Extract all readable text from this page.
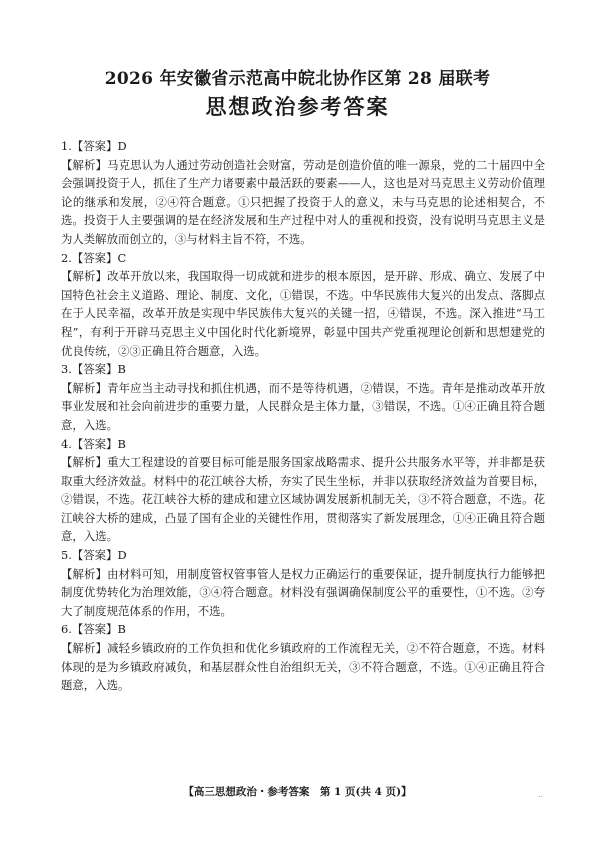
2026 年安徽省示范高中皖北协作区第 28 届联考
思想政治参考答案

1.【答案】D

【解析】马克思认为人通过劳动创造社会财富，劳动是创造价值的唯一源泉，党的二十届四中全会强调投资于人，抓住了生产力诸要素中最活跃的要素——人，这也是对马克思主义劳动价值理论的继承和发展，②④符合题意。①只把握了投资于人的意义，未与马克思的论述相契合，不选。投资于人主要强调的是在经济发展和生产过程中对人的重视和投资，没有说明马克思主义是为人类解放而创立的，③与材料主旨不符，不选。

2.【答案】C

【解析】改革开放以来，我国取得一切成就和进步的根本原因，是开辟、形成、确立、发展了中国特色社会主义道路、理论、制度、文化，①错误，不选。中华民族伟大复兴的出发点、落脚点在于人民幸福，改革开放是实现中华民族伟大复兴的关键一招，④错误，不选。深入推进“马工程”，有利于开辟马克思主义中国化时代化新境界，彰显中国共产党重视理论创新和思想建党的优良传统，②③正确且符合题意，入选。

3.【答案】B

【解析】青年应当主动寻找和抓住机遇，而不是等待机遇，②错误，不选。青年是推动改革开放事业发展和社会向前进步的重要力量，人民群众是主体力量，③错误，不选。①④正确且符合题意，入选。

4.【答案】B

【解析】重大工程建设的首要目标可能是服务国家战略需求、提升公共服务水平等，并非都是获取重大经济效益。材料中的花江峡谷大桥，夯实了民生坐标，并非以获取经济效益为首要目标，②错误，不选。花江峡谷大桥的建成和建立区域协调发展新机制无关，③不符合题意，不选。花江峡谷大桥的建成，凸显了国有企业的关键性作用，贯彻落实了新发展理念，①④正确且符合题意，入选。

5.【答案】D

【解析】由材料可知，用制度管权管事管人是权力正确运行的重要保证，提升制度执行力能够把制度优势转化为治理效能，③④符合题意。材料没有强调确保制度公平的重要性，①不选。②夸大了制度规范体系的作用，不选。

6.【答案】B

【解析】减轻乡镇政府的工作负担和优化乡镇政府的工作流程无关，②不符合题意，不选。材料体现的是为乡镇政府减负，和基层群众性自治组织无关，③不符合题意，不选。①④正确且符合题意，入选。

【高三思想政治・参考答案　第 1 页(共 4 页)】	..
